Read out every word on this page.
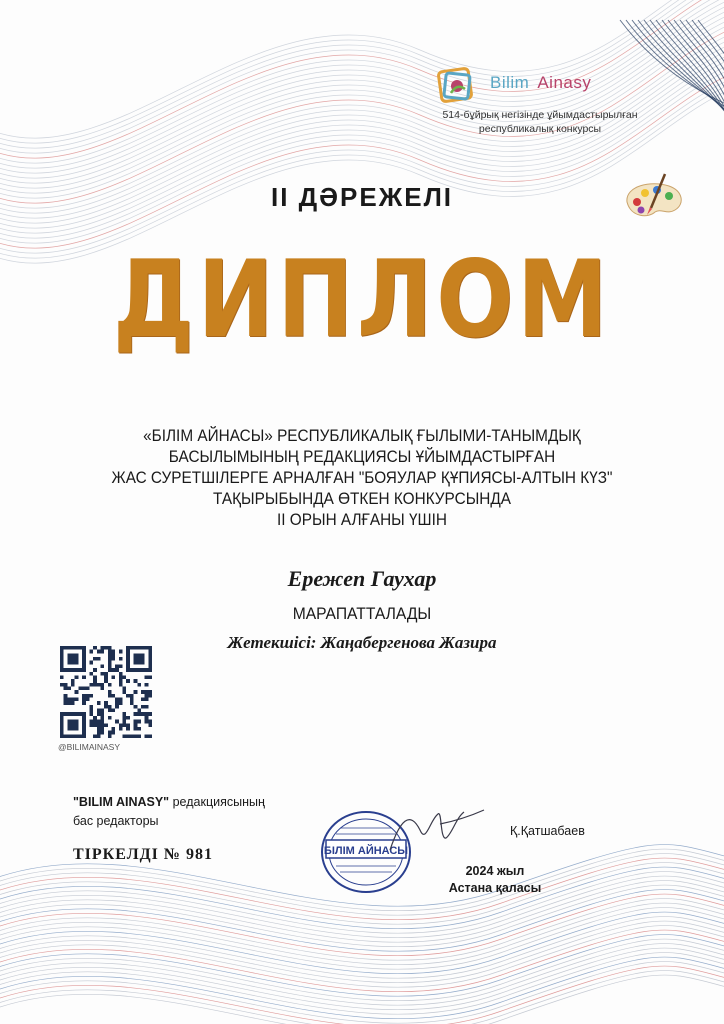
Bilim Ainasy
514-бұйрық негізінде ұйымдастырылған
республикалық конкурсы
II ДӘРЕЖЕЛІ
ДИПЛОМ
«БІЛІМ АЙНАСЫ» РЕСПУБЛИКАЛЫҚ ҒЫЛЫМИ-ТАНЫМДЫҚ
БАСЫЛЫМЫНЫҢ РЕДАКЦИЯСЫ ҰЙЫМДАСТЫРҒАН
ЖАС СУРЕТШІЛЕРГЕ АРНАЛҒАН "БОЯУЛАР ҚҰПИЯСЫ-АЛТЫН КҮЗ"
ТАҚЫРЫБЫНДА ӨТКЕН КОНКУРСЫНДА
II ОРЫН АЛҒАНЫ ҮШІН
Ережеп Гаухар
МАРАПАТТАЛАДЫ
Жетекшісі: Жаңабергенова Жазира
@BILIMAINASY
"BILIM AINASY" редакциясының
бас редакторы
ТІРКЕЛДІ № 981	БІЛІМ АЙНАСЫ
Қ.Қатшабаев
2024 жыл
Астана қаласы
